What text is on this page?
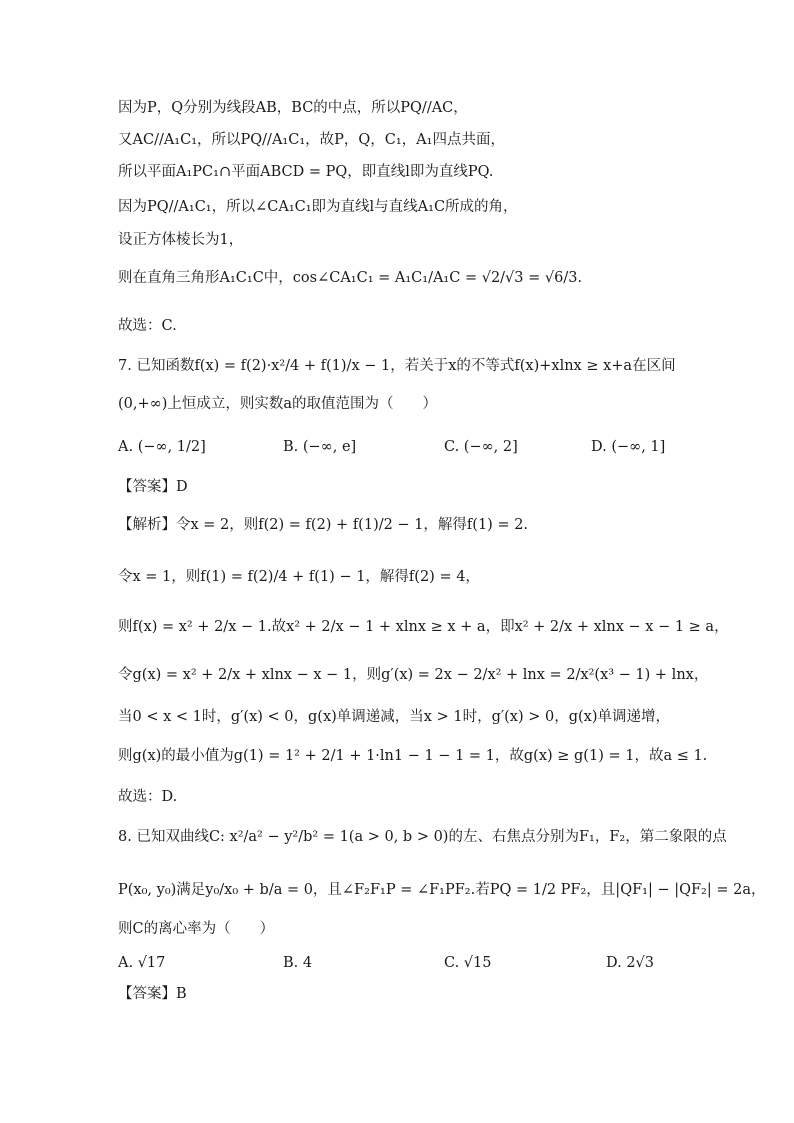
因为P，Q分别为线段AB，BC的中点，所以PQ//AC，
又AC//A₁C₁，所以PQ//A₁C₁，故P，Q，C₁，A₁四点共面，
所以平面A₁PC₁∩平面ABCD = PQ，即直线l即为直线PQ.
因为PQ//A₁C₁，所以∠CA₁C₁即为直线l与直线A₁C所成的角，
设正方体棱长为1，
则在直角三角形A₁C₁C中，cos∠CA₁C₁ = A₁C₁/A₁C = √2/√3 = √6/3.
故选：C.
7. 已知函数f(x) = f(2)·x²/4 + f(1)/x − 1，若关于x的不等式f(x)+xlnx ≥ x+a在区间
(0,+∞)上恒成立，则实数a的取值范围为（　　）
A. (−∞, 1/2]	B. (−∞, e]	C. (−∞, 2]	D. (−∞, 1]
【答案】D
【解析】令x = 2，则f(2) = f(2) + f(1)/2 − 1，解得f(1) = 2.
令x = 1，则f(1) = f(2)/4 + f(1) − 1，解得f(2) = 4，
则f(x) = x² + 2/x − 1.故x² + 2/x − 1 + xlnx ≥ x + a，即x² + 2/x + xlnx − x − 1 ≥ a，
令g(x) = x² + 2/x + xlnx − x − 1，则g′(x) = 2x − 2/x² + lnx = 2/x²(x³ − 1) + lnx，
当0 < x < 1时，g′(x) < 0，g(x)单调递减，当x > 1时，g′(x) > 0，g(x)单调递增，
则g(x)的最小值为g(1) = 1² + 2/1 + 1·ln1 − 1 − 1 = 1，故g(x) ≥ g(1) = 1，故a ≤ 1.
故选：D.
8. 已知双曲线C: x²/a² − y²/b² = 1(a > 0, b > 0)的左、右焦点分别为F₁，F₂，第二象限的点
P(x₀, y₀)满足y₀/x₀ + b/a = 0，且∠F₂F₁P = ∠F₁PF₂.若PQ = 1/2 PF₂，且|QF₁| − |QF₂| = 2a，
则C的离心率为（　　）
A. √17	B. 4	C. √15	D. 2√3
【答案】B
